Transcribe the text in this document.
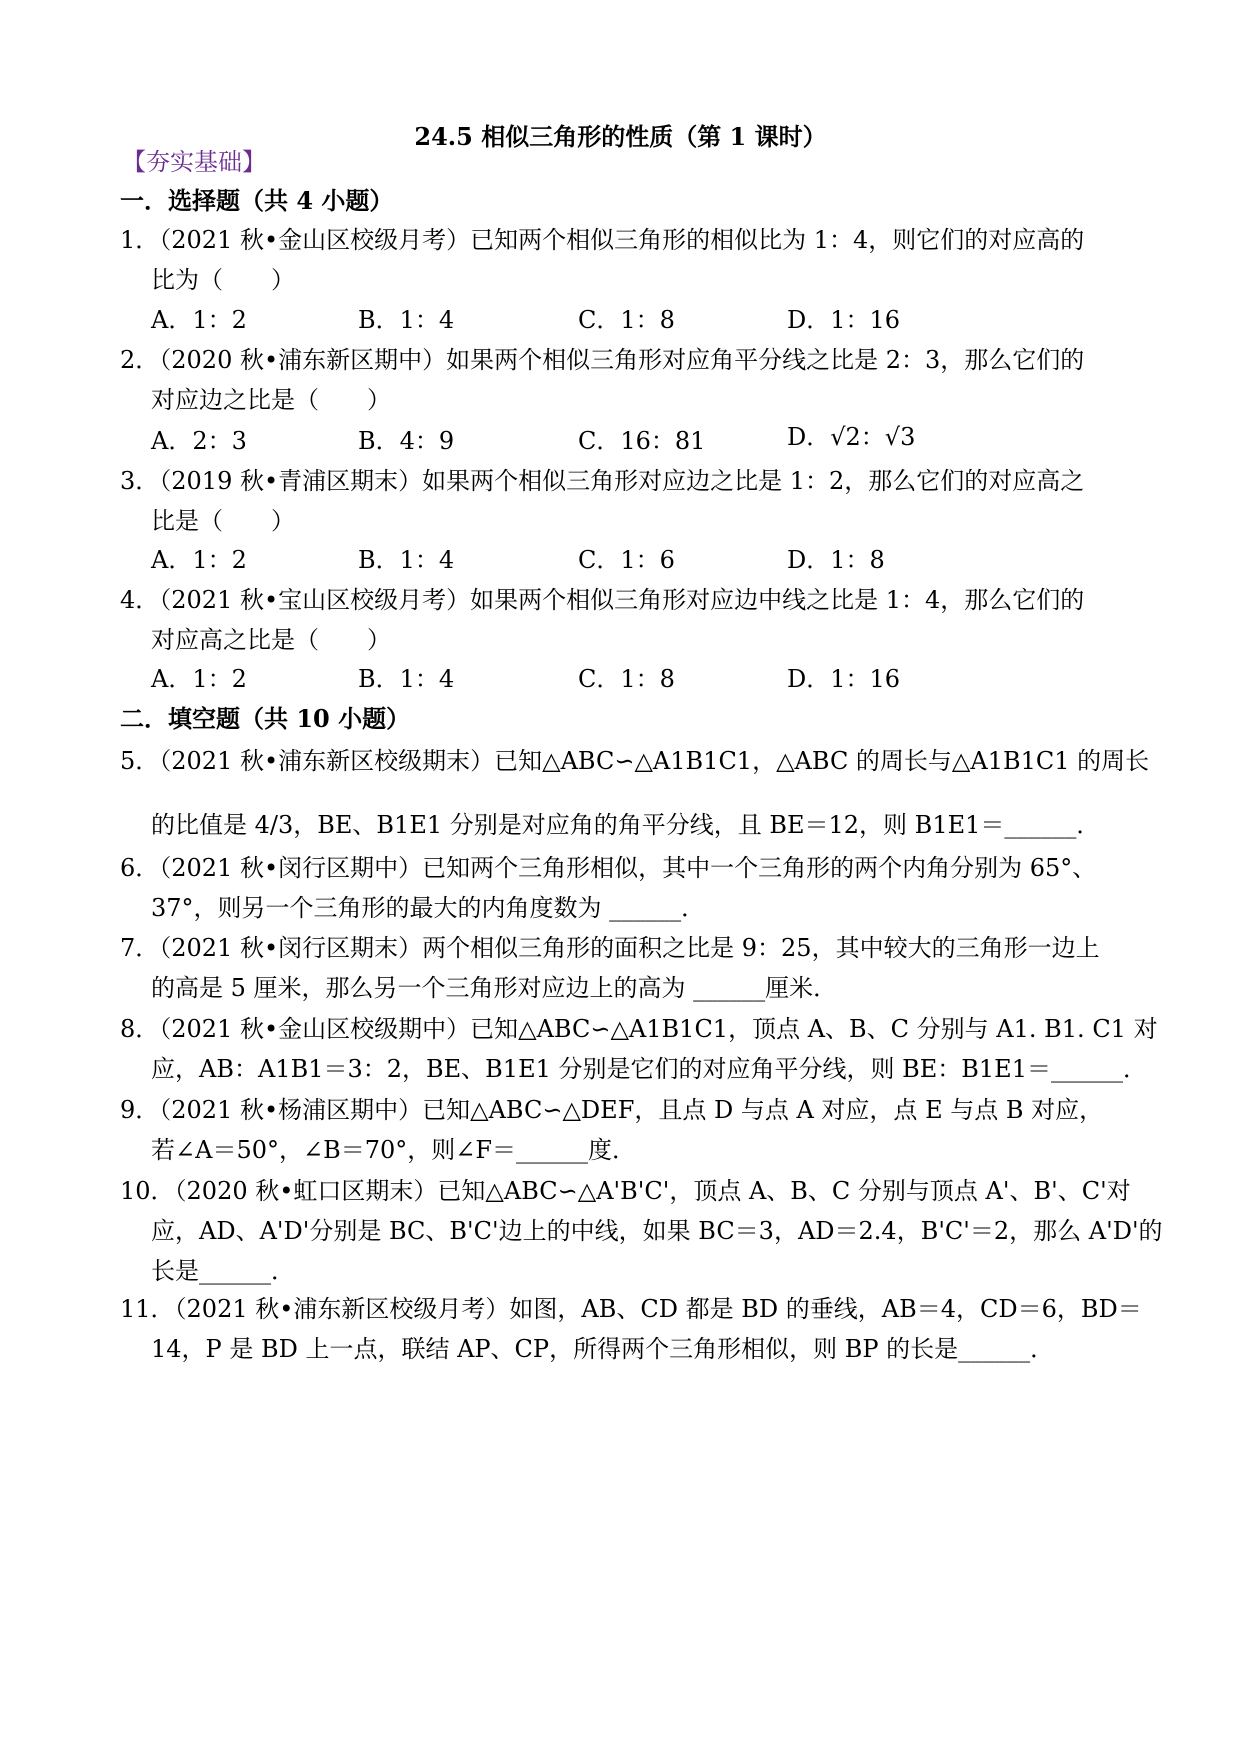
24.5 相似三角形的性质（第 1 课时）
【夯实基础】
一．选择题（共 4 小题）
1．（2021 秋•金山区校级月考）已知两个相似三角形的相似比为 1：4，则它们的对应高的
比为（　　）
A．1：2	B．1：4	C．1：8	D．1：16
2．（2020 秋•浦东新区期中）如果两个相似三角形对应角平分线之比是 2：3，那么它们的
对应边之比是（　　）
A．2：3	B．4：9	C．16：81	D．√2：√3
3．（2019 秋•青浦区期末）如果两个相似三角形对应边之比是 1：2，那么它们的对应高之
比是（　　）
A．1：2	B．1：4	C．1：6	D．1：8
4．（2021 秋•宝山区校级月考）如果两个相似三角形对应边中线之比是 1：4，那么它们的
对应高之比是（　　）
A．1：2	B．1：4	C．1：8	D．1：16
二．填空题（共 10 小题）
5．（2021 秋•浦东新区校级期末）已知△ABC∽△A1B1C1，△ABC 的周长与△A1B1C1 的周长
的比值是 4/3，BE、B1E1 分别是对应角的角平分线，且 BE＝12，则 B1E1＝______．
6．（2021 秋•闵行区期中）已知两个三角形相似，其中一个三角形的两个内角分别为 65°、
37°，则另一个三角形的最大的内角度数为 ______．
7．（2021 秋•闵行区期末）两个相似三角形的面积之比是 9：25，其中较大的三角形一边上
的高是 5 厘米，那么另一个三角形对应边上的高为 ______厘米．
8．（2021 秋•金山区校级期中）已知△ABC∽△A1B1C1，顶点 A、B、C 分别与 A1. B1. C1 对
应，AB：A1B1＝3：2，BE、B1E1 分别是它们的对应角平分线，则 BE：B1E1＝______．
9．（2021 秋•杨浦区期中）已知△ABC∽△DEF，且点 D 与点 A 对应，点 E 与点 B 对应，
若∠A＝50°，∠B＝70°，则∠F＝______度．
10．（2020 秋•虹口区期末）已知△ABC∽△A'B'C'，顶点 A、B、C 分别与顶点 A'、B'、C'对
应，AD、A'D'分别是 BC、B'C'边上的中线，如果 BC＝3，AD＝2.4，B'C'＝2，那么 A'D'的
长是______．
11．（2021 秋•浦东新区校级月考）如图，AB、CD 都是 BD 的垂线，AB＝4，CD＝6，BD＝
14，P 是 BD 上一点，联结 AP、CP，所得两个三角形相似，则 BP 的长是______．
